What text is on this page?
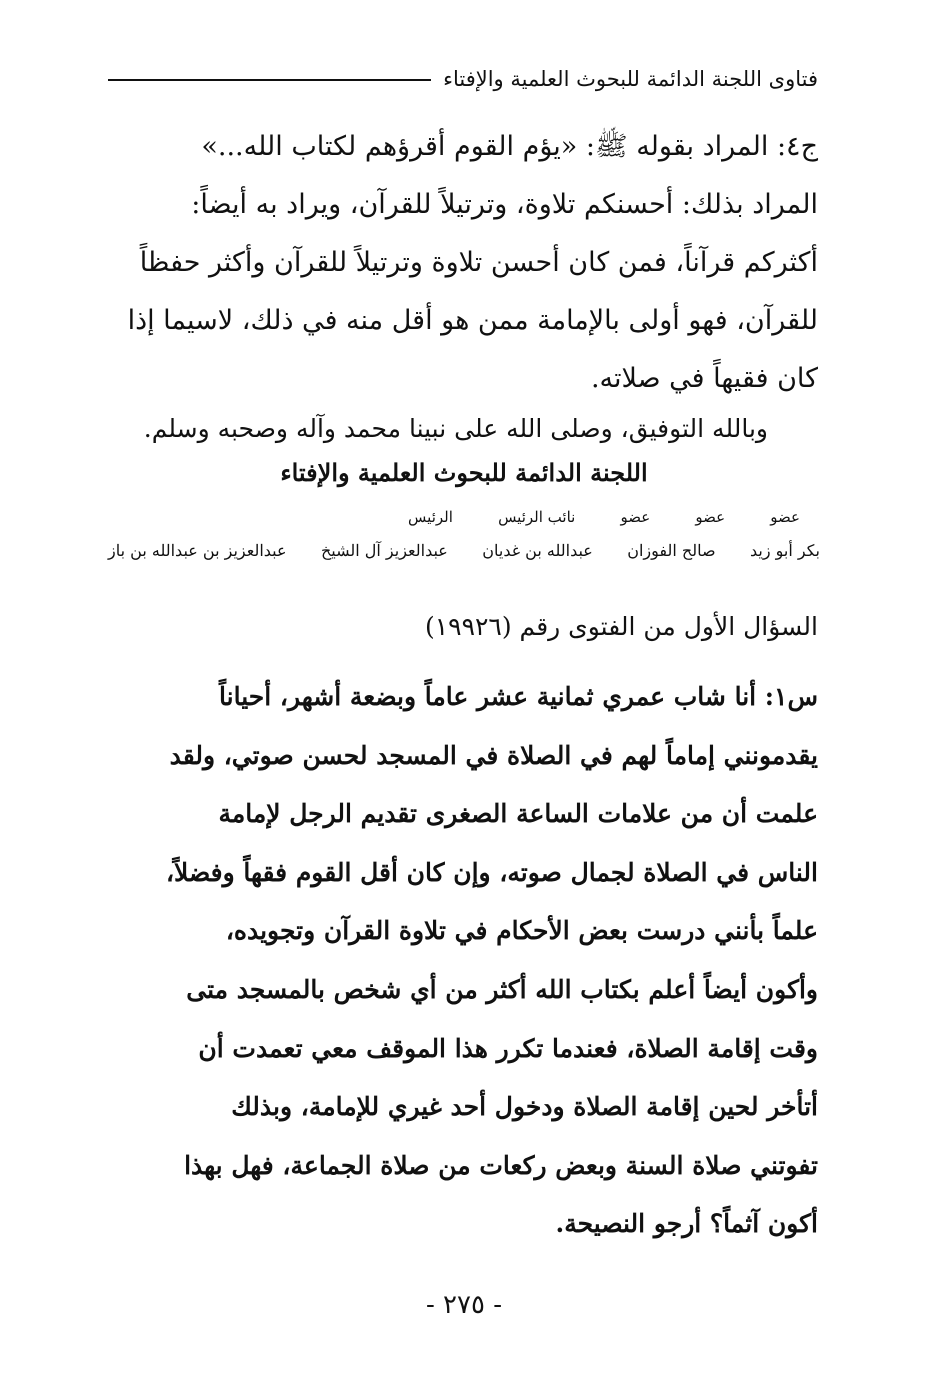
فتاوى اللجنة الدائمة للبحوث العلمية والإفتاء
ج٤: المراد بقوله ﷺ: «يؤم القوم أقرؤهم لكتاب الله...»
المراد بذلك: أحسنكم تلاوة، وترتيلاً للقرآن، ويراد به أيضاً:
أكثركم قرآناً، فمن كان أحسن تلاوة وترتيلاً للقرآن وأكثر حفظاً
للقرآن، فهو أولى بالإمامة ممن هو أقل منه في ذلك، لاسيما إذا
كان فقيهاً في صلاته.
وبالله التوفيق، وصلى الله على نبينا محمد وآله وصحبه وسلم.
اللجنة الدائمة للبحوث العلمية والإفتاء
عضو
عضو
عضو
نائب الرئيس
الرئيس
بكر أبو زيد
صالح الفوزان
عبدالله بن غديان
عبدالعزيز آل الشيخ
عبدالعزيز بن عبدالله بن باز
السؤال الأول من الفتوى رقم (١٩٩٢٦)
س١: أنا شاب عمري ثمانية عشر عاماً وبضعة أشهر، أحياناً
يقدمونني إماماً لهم في الصلاة في المسجد لحسن صوتي، ولقد
علمت أن من علامات الساعة الصغرى تقديم الرجل لإمامة
الناس في الصلاة لجمال صوته، وإن كان أقل القوم فقهاً وفضلاً،
علماً بأنني درست بعض الأحكام في تلاوة القرآن وتجويده،
وأكون أيضاً أعلم بكتاب الله أكثر من أي شخص بالمسجد متى
وقت إقامة الصلاة، فعندما تكرر هذا الموقف معي تعمدت أن
أتأخر لحين إقامة الصلاة ودخول أحد غيري للإمامة، وبذلك
تفوتني صلاة السنة وبعض ركعات من صلاة الجماعة، فهل بهذا
أكون آثماً؟ أرجو النصيحة.
- ٢٧٥ -
